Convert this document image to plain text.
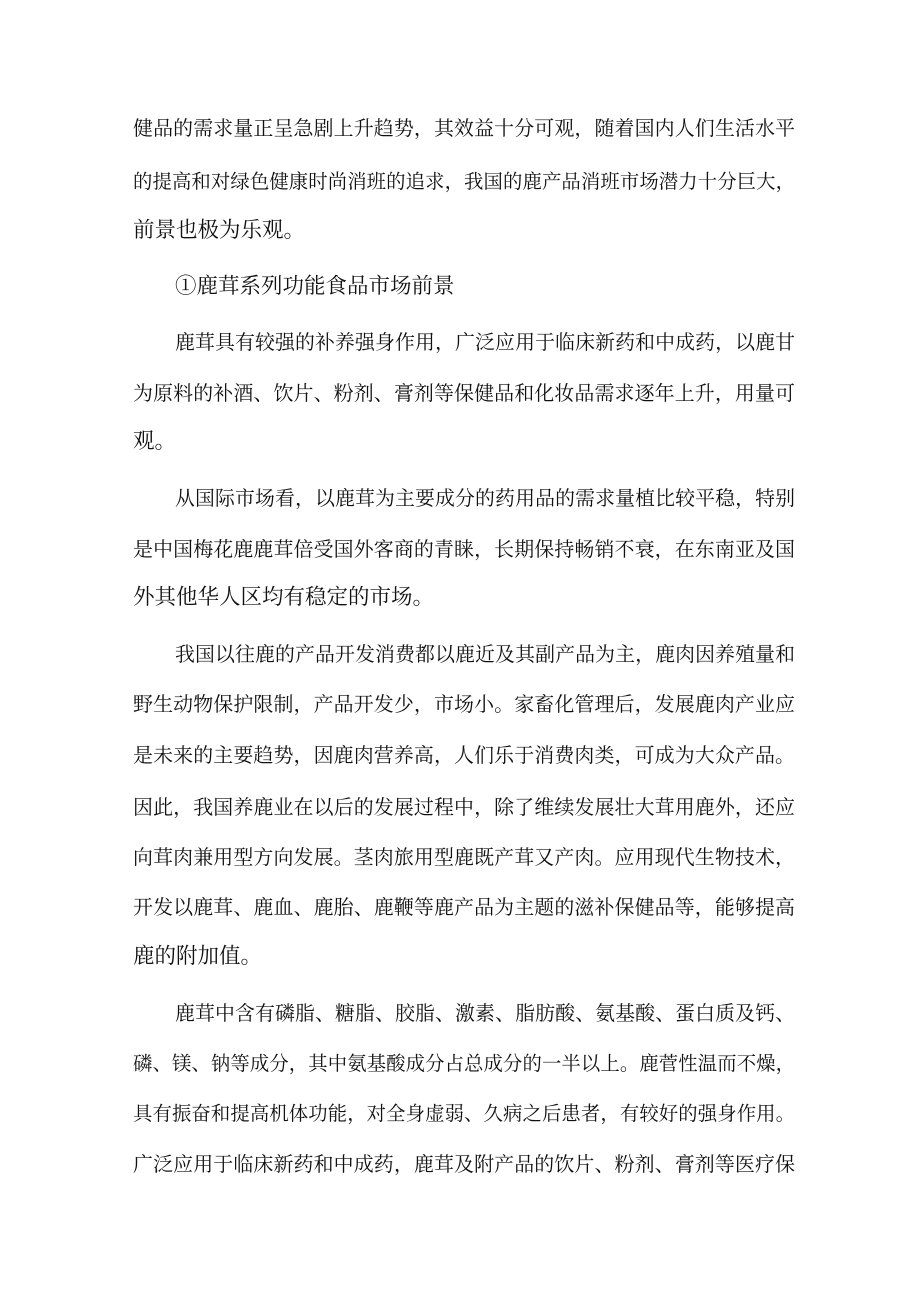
健品的需求量正呈急剧上升趋势，其效益十分可观，随着国内人们生活水平
的提高和对绿色健康时尚消班的追求，我国的鹿产品消班市场潜力十分巨大，
前景也极为乐观。
①鹿茸系列功能食品市场前景
鹿茸具有较强的补养强身作用，广泛应用于临床新药和中成药，以鹿甘
为原料的补酒、饮片、粉剂、膏剂等保健品和化妆品需求逐年上升，用量可
观。
从国际市场看，以鹿茸为主要成分的药用品的需求量植比较平稳，特别
是中国梅花鹿鹿茸倍受国外客商的青睐，长期保持畅销不衰，在东南亚及国
外其他华人区均有稳定的市场。
我国以往鹿的产品开发消费都以鹿近及其副产品为主，鹿肉因养殖量和
野生动物保护限制，产品开发少，市场小。家畜化管理后，发展鹿肉产业应
是未来的主要趋势，因鹿肉营养高，人们乐于消费肉类，可成为大众产品。
因此，我国养鹿业在以后的发展过程中，除了维续发展壮大茸用鹿外，还应
向茸肉兼用型方向发展。茎肉旅用型鹿既产茸又产肉。应用现代生物技术，
开发以鹿茸、鹿血、鹿胎、鹿鞭等鹿产品为主题的滋补保健品等，能够提高
鹿的附加值。
鹿茸中含有磷脂、糖脂、胶脂、激素、脂肪酸、氨基酸、蛋白质及钙、
磷、镁、钠等成分，其中氨基酸成分占总成分的一半以上。鹿菅性温而不燥，
具有振奋和提高机体功能，对全身虚弱、久病之后患者，有较好的强身作用。
广泛应用于临床新药和中成药，鹿茸及附产品的饮片、粉剂、膏剂等医疗保
